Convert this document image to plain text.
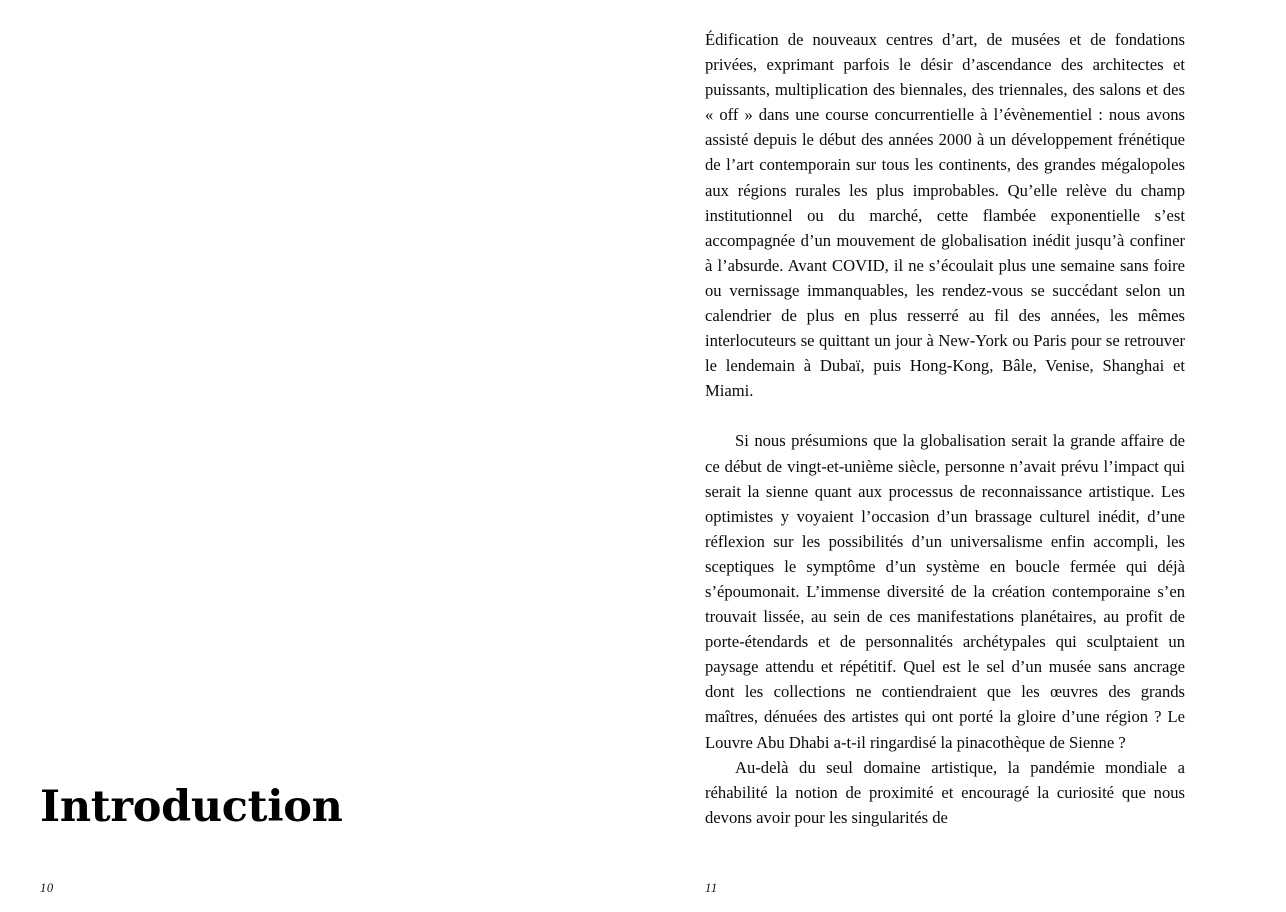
Introduction
10

Édification de nouveaux centres d’art, de musées et de fondations privées, exprimant parfois le désir d’ascendance des architectes et puissants, multiplication des biennales, des triennales, des salons et des « off » dans une course concurrentielle à l’évènementiel : nous avons assisté depuis le début des années 2000 à un développement frénétique de l’art contemporain sur tous les continents, des grandes mégalopoles aux régions rurales les plus improbables. Qu’elle relève du champ institutionnel ou du marché, cette flambée exponentielle s’est accompagnée d’un mouvement de globalisation inédit jusqu’à confiner à l’absurde. Avant COVID, il ne s’écoulait plus une semaine sans foire ou vernissage immanquables, les rendez-vous se succédant selon un calendrier de plus en plus resserré au fil des années, les mêmes interlocuteurs se quittant un jour à New-York ou Paris pour se retrouver le lendemain à Dubaï, puis Hong-Kong, Bâle, Venise, Shanghai et Miami.

Si nous présumions que la globalisation serait la grande affaire de ce début de vingt-et-unième siècle, personne n’avait prévu l’impact qui serait la sienne quant aux processus de reconnaissance artistique. Les optimistes y voyaient l’occasion d’un brassage culturel inédit, d’une réflexion sur les possibilités d’un universalisme enfin accompli, les sceptiques le symptôme d’un système en boucle fermée qui déjà s’époumonait. L’immense diversité de la création contemporaine s’en trouvait lissée, au sein de ces manifestations planétaires, au profit de porte-étendards et de personnalités archétypales qui sculptaient un paysage attendu et répétitif. Quel est le sel d’un musée sans ancrage dont les collections ne contiendraient que les œuvres des grands maîtres, dénuées des artistes qui ont porté la gloire d’une région ? Le Louvre Abu Dhabi a-t-il ringardisé la pinacothèque de Sienne ?

Au-delà du seul domaine artistique, la pandémie mondiale a réhabilité la notion de proximité et encouragé la curiosité que nous devons avoir pour les singularités de

11
